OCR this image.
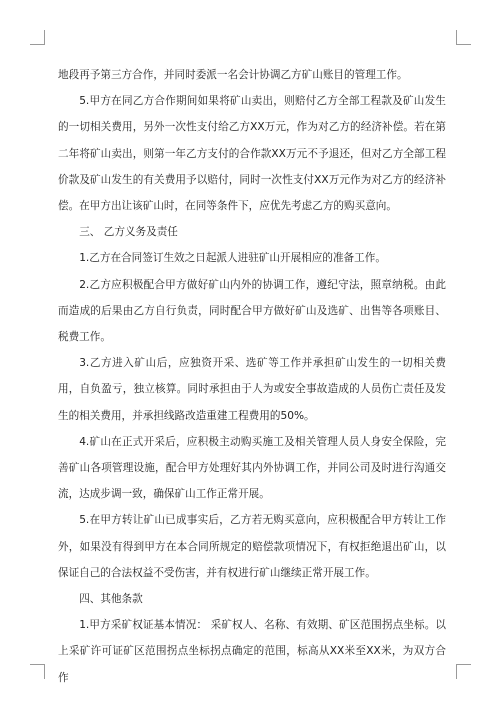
地段再予第三方合作，并同时委派一名会计协调乙方矿山账目的管理工作。

5.甲方在同乙方合作期间如果将矿山卖出，则赔付乙方全部工程款及矿山发生的一切相关费用，另外一次性支付给乙方XX万元，作为对乙方的经济补偿。若在第二年将矿山卖出，则第一年乙方支付的合作款XX万元不予退还，但对乙方全部工程价款及矿山发生的有关费用予以赔付，同时一次性支付XX万元作为对乙方的经济补偿。在甲方出让该矿山时，在同等条件下，应优先考虑乙方的购买意向。

三、 乙方义务及责任

1.乙方在合同签订生效之日起派人进驻矿山开展相应的准备工作。

2.乙方应积极配合甲方做好矿山内外的协调工作，遵纪守法，照章纳税。由此而造成的后果由乙方自行负责，同时配合甲方做好矿山及选矿、出售等各项账目、税费工作。

3.乙方进入矿山后，应独资开采、选矿等工作并承担矿山发生的一切相关费用，自负盈亏，独立核算。同时承担由于人为或安全事故造成的人员伤亡责任及发生的相关费用，并承担线路改造重建工程费用的50%。

4.矿山在正式开采后，应积极主动购买施工及相关管理人员人身安全保险，完善矿山各项管理设施，配合甲方处理好其内外协调工作，并同公司及时进行沟通交流，达成步调一致，确保矿山工作正常开展。

5.在甲方转让矿山已成事实后，乙方若无购买意向，应积极配合甲方转让工作外，如果没有得到甲方在本合同所规定的赔偿款项情况下，有权拒绝退出矿山，以保证自己的合法权益不受伤害，并有权进行矿山继续正常开展工作。

四、其他条款

1.甲方采矿权证基本情况： 采矿权人、名称、有效期、矿区范围拐点坐标。以上采矿许可证矿区范围拐点坐标拐点确定的范围，标高从XX米至XX米，为双方合作
